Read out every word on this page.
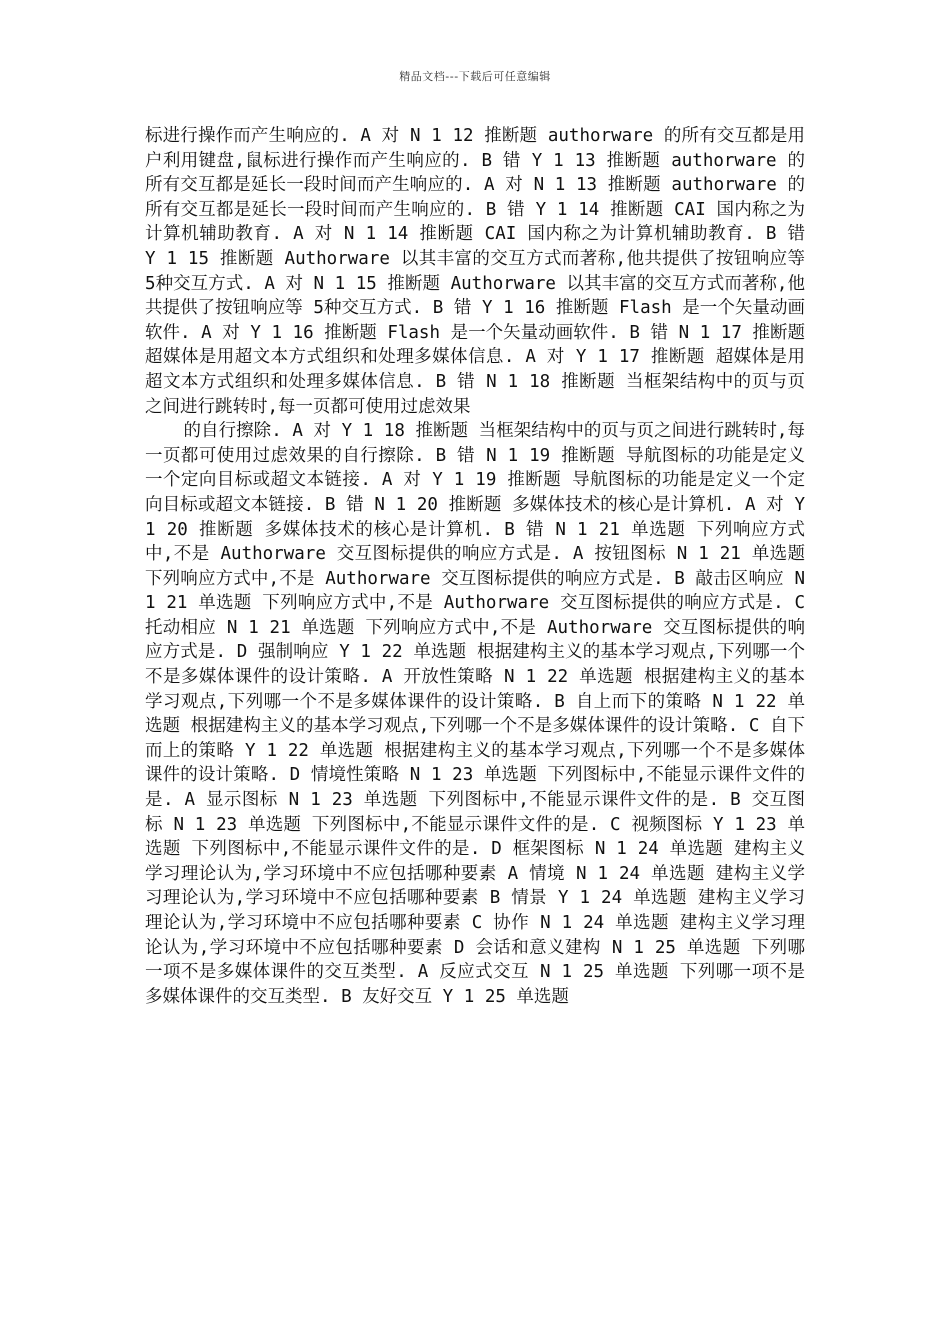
精品文档---下载后可任意编辑

标进行操作而产生响应的. A 对 N 1 12 推断题 authorware 的所有交互都是用户利用键盘,鼠标进行操作而产生响应的. B 错 Y 1 13 推断题 authorware 的所有交互都是延长一段时间而产生响应的. A 对 N 1 13 推断题 authorware 的所有交互都是延长一段时间而产生响应的. B 错 Y 1 14 推断题 CAI 国内称之为计算机辅助教育. A 对 N 1 14 推断题 CAI 国内称之为计算机辅助教育. B 错 Y 1 15 推断题 Authorware 以其丰富的交互方式而著称,他共提供了按钮响应等 5种交互方式. A 对 N 1 15 推断题 Authorware 以其丰富的交互方式而著称,他共提供了按钮响应等 5种交互方式. B 错 Y 1 16 推断题 Flash 是一个矢量动画软件. A 对 Y 1 16 推断题 Flash 是一个矢量动画软件. B 错 N 1 17 推断题 超媒体是用超文本方式组织和处理多媒体信息. A 对 Y 1 17 推断题 超媒体是用超文本方式组织和处理多媒体信息. B 错 N 1 18 推断题 当框架结构中的页与页之间进行跳转时,每一页都可使用过虑效果

的自行擦除. A 对 Y 1 18 推断题 当框架结构中的页与页之间进行跳转时,每一页都可使用过虑效果的自行擦除. B 错 N 1 19 推断题 导航图标的功能是定义一个定向目标或超文本链接. A 对 Y 1 19 推断题 导航图标的功能是定义一个定向目标或超文本链接. B 错 N 1 20 推断题 多媒体技术的核心是计算机. A 对 Y 1 20 推断题 多媒体技术的核心是计算机. B 错 N 1 21 单选题 下列响应方式中,不是 Authorware 交互图标提供的响应方式是. A 按钮图标 N 1 21 单选题 下列响应方式中,不是 Authorware 交互图标提供的响应方式是. B 敲击区响应 N 1 21 单选题 下列响应方式中,不是 Authorware 交互图标提供的响应方式是. C 托动相应 N 1 21 单选题 下列响应方式中,不是 Authorware 交互图标提供的响应方式是. D 强制响应 Y 1 22 单选题 根据建构主义的基本学习观点,下列哪一个不是多媒体课件的设计策略. A 开放性策略 N 1 22 单选题 根据建构主义的基本学习观点,下列哪一个不是多媒体课件的设计策略. B 自上而下的策略 N 1 22 单选题 根据建构主义的基本学习观点,下列哪一个不是多媒体课件的设计策略. C 自下而上的策略 Y 1 22 单选题 根据建构主义的基本学习观点,下列哪一个不是多媒体课件的设计策略. D 情境性策略 N 1 23 单选题 下列图标中,不能显示课件文件的是. A 显示图标 N 1 23 单选题 下列图标中,不能显示课件文件的是. B 交互图标 N 1 23 单选题 下列图标中,不能显示课件文件的是. C 视频图标 Y 1 23 单选题 下列图标中,不能显示课件文件的是. D 框架图标 N 1 24 单选题 建构主义学习理论认为,学习环境中不应包括哪种要素 A 情境 N 1 24 单选题 建构主义学习理论认为,学习环境中不应包括哪种要素 B 情景 Y 1 24 单选题 建构主义学习理论认为,学习环境中不应包括哪种要素 C 协作 N 1 24 单选题 建构主义学习理论认为,学习环境中不应包括哪种要素 D 会话和意义建构 N 1 25 单选题 下列哪一项不是多媒体课件的交互类型. A 反应式交互 N 1 25 单选题 下列哪一项不是多媒体课件的交互类型. B 友好交互 Y 1 25 单选题
